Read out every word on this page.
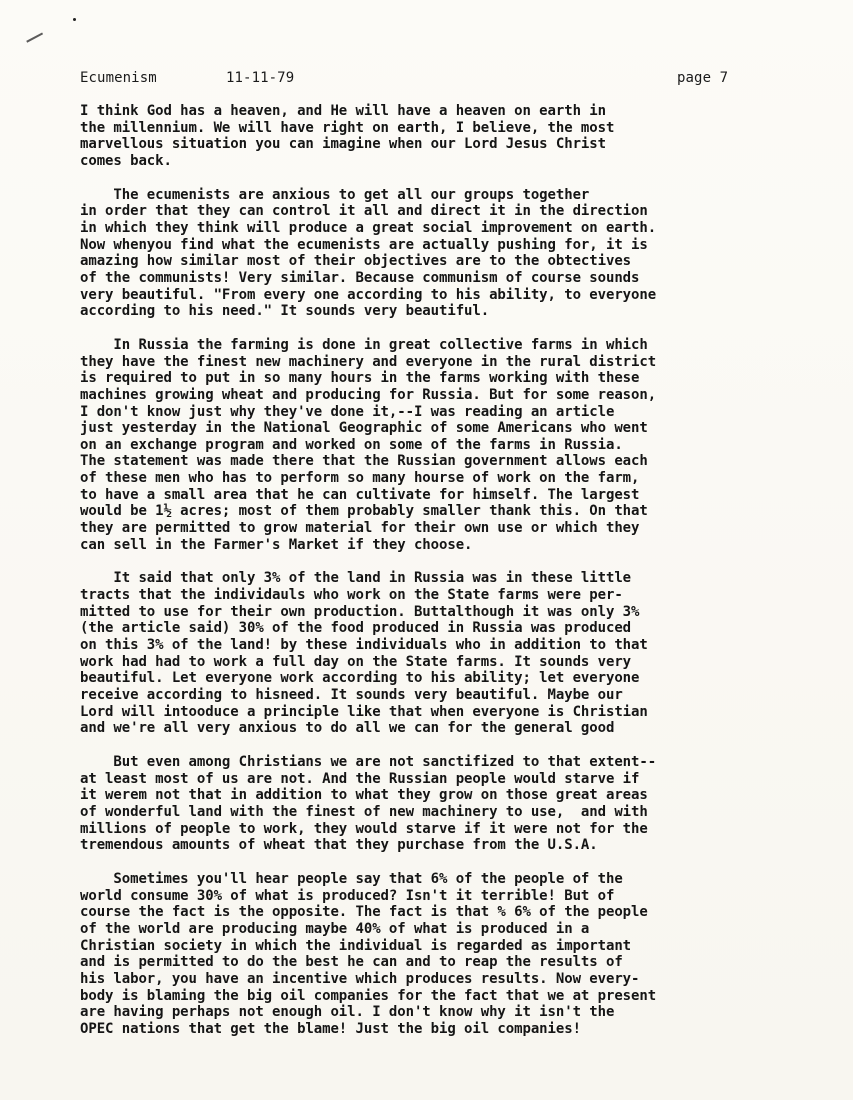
Ecumenism	11-11-79	page 7
I think God has a heaven, and He will have a heaven on earth in
the millennium. We will have right on earth, I believe, the most
marvellous situation you can imagine when our Lord Jesus Christ
comes back.
The ecumenists are anxious to get all our groups together
in order that they can control it all and direct it in the direction
in which they think will produce a great social improvement on earth.
Now whenyou find what the ecumenists are actually pushing for, it is
amazing how similar most of their objectives are to the obtectives
of the communists! Very similar. Because communism of course sounds
very beautiful. "From every one according to his ability, to everyone
according to his need." It sounds very beautiful.
In Russia the farming is done in great collective farms in which
they have the finest new machinery and everyone in the rural district
is required to put in so many hours in the farms working with these
machines growing wheat and producing for Russia. But for some reason,
I don't know just why they've done it,--I was reading an article
just yesterday in the National Geographic of some Americans who went
on an exchange program and worked on some of the farms in Russia.
The statement was made there that the Russian government allows each
of these men who has to perform so many hourse of work on the farm,
to have a small area that he can cultivate for himself. The largest
would be 1½ acres; most of them probably smaller thank this. On that
they are permitted to grow material for their own use or which they
can sell in the Farmer's Market if they choose.
It said that only 3% of the land in Russia was in these little
tracts that the individauls who work on the State farms were per-
mitted to use for their own production. Buttalthough it was only 3%
(the article said) 30% of the food produced in Russia was produced
on this 3% of the land! by these individuals who in addition to that
work had had to work a full day on the State farms. It sounds very
beautiful. Let everyone work according to his ability; let everyone
receive according to hisneed. It sounds very beautiful. Maybe our
Lord will intooduce a principle like that when everyone is Christian
and we're all very anxious to do all we can for the general good
But even among Christians we are not sanctifized to that extent--
at least most of us are not. And the Russian people would starve if
it werem not that in addition to what they grow on those great areas
of wonderful land with the finest of new machinery to use,  and with
millions of people to work, they would starve if it were not for the
tremendous amounts of wheat that they purchase from the U.S.A.
Sometimes you'll hear people say that 6% of the people of the
world consume 30% of what is produced? Isn't it terrible! But of
course the fact is the opposite. The fact is that % 6% of the people
of the world are producing maybe 40% of what is produced in a
Christian society in which the individual is regarded as important
and is permitted to do the best he can and to reap the results of
his labor, you have an incentive which produces results. Now every-
body is blaming the big oil companies for the fact that we at present
are having perhaps not enough oil. I don't know why it isn't the
OPEC nations that get the blame! Just the big oil companies!
